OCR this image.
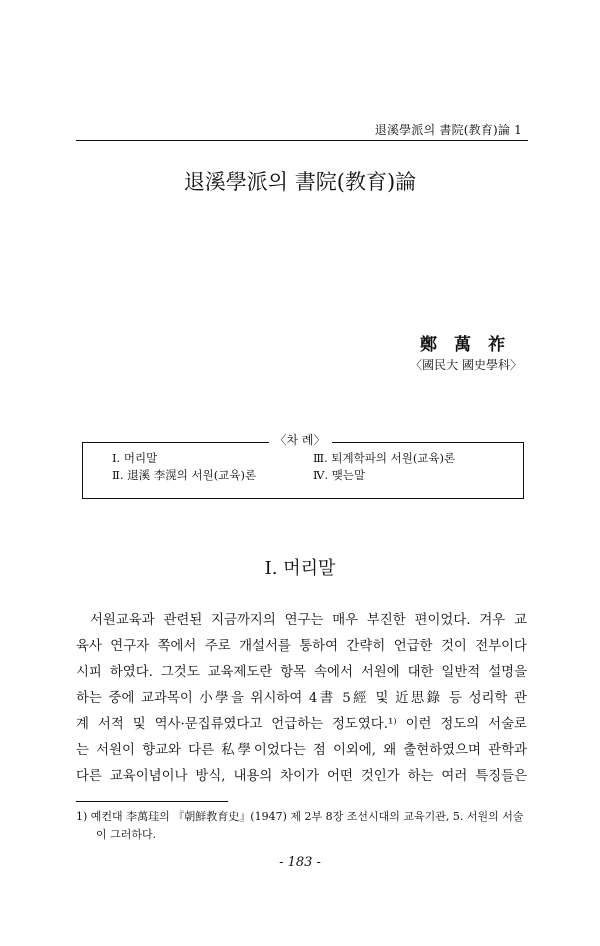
退溪學派의 書院(教育)論 1
退溪學派의 書院(教育)論
鄭萬祚
〈國民大 國史學科〉
〈차 례〉
Ⅰ. 머리말
Ⅱ. 退溪 李滉의 서원(교육)론
Ⅲ. 퇴계학파의 서원(교육)론
Ⅳ. 맺는말
Ⅰ. 머리말
서원교육과 관련된 지금까지의 연구는 매우 부진한 편이었다. 겨우 교
육사 연구자 쪽에서 주로 개설서를 통하여 간략히 언급한 것이 전부이다
시피 하였다. 그것도 교육제도란 항목 속에서 서원에 대한 일반적 설명을
하는 중에 교과목이 小學을 위시하여 4書 5經 및 近思錄 등 성리학 관
계 서적 및 역사·문집류였다고 언급하는 정도였다.¹⁾ 이런 정도의 서술로
는 서원이 향교와 다른 私學이었다는 점 이외에, 왜 출현하였으며 관학과
다른 교육이념이나 방식, 내용의 차이가 어떤 것인가 하는 여러 특징들은
1) 예컨대 李萬珪의 『朝鮮教育史』(1947) 제 2부 8장 조선시대의 교육기관, 5. 서원의 서술
이 그러하다.
- 183 -
